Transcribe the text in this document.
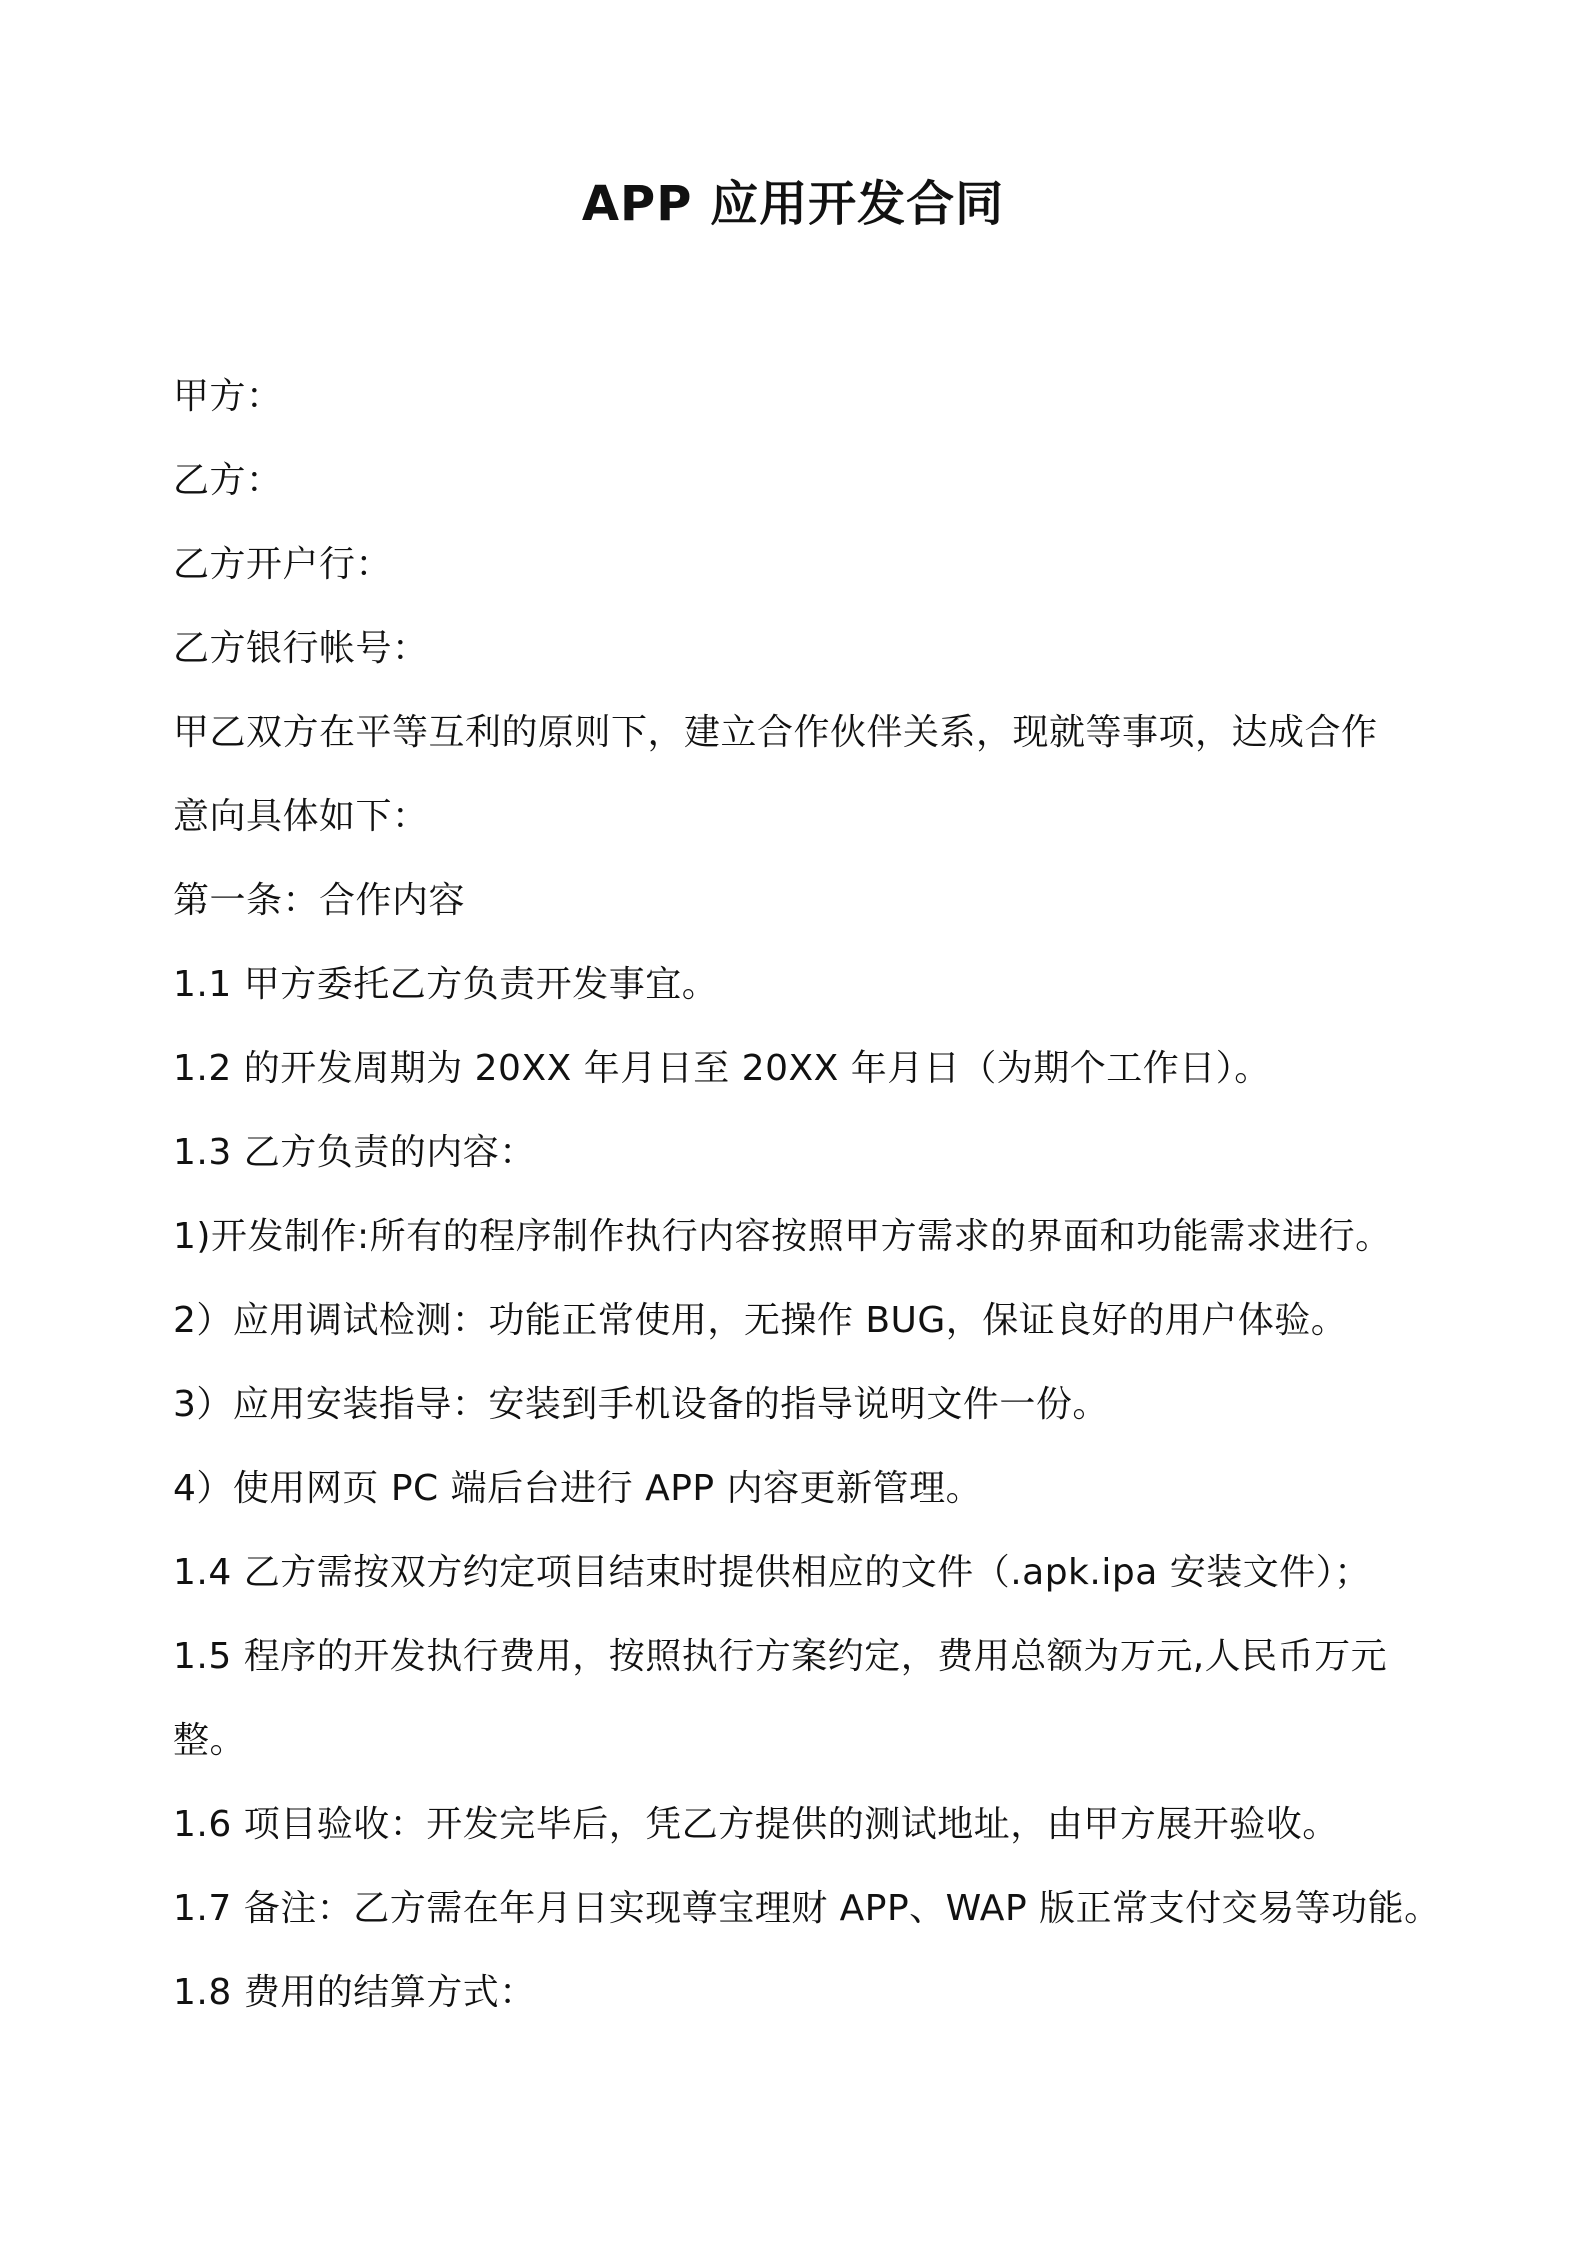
APP 应用开发合同
甲方：
乙方：
乙方开户行：
乙方银行帐号：
甲乙双方在平等互利的原则下，建立合作伙伴关系，现就等事项，达成合作
意向具体如下：
第一条：合作内容
1.1 甲方委托乙方负责开发事宜。
1.2 的开发周期为 20XX 年月日至 20XX 年月日（为期个工作日）。
1.3 乙方负责的内容：
1)开发制作:所有的程序制作执行内容按照甲方需求的界面和功能需求进行。
2）应用调试检测：功能正常使用，无操作 BUG，保证良好的用户体验。
3）应用安装指导：安装到手机设备的指导说明文件一份。
4）使用网页 PC 端后台进行 APP 内容更新管理。
1.4 乙方需按双方约定项目结束时提供相应的文件（.apk.ipa 安装文件）；
1.5 程序的开发执行费用，按照执行方案约定，费用总额为万元,人民币万元
整。
1.6 项目验收：开发完毕后，凭乙方提供的测试地址，由甲方展开验收。
1.7 备注：乙方需在年月日实现尊宝理财 APP、WAP 版正常支付交易等功能。
1.8 费用的结算方式：
